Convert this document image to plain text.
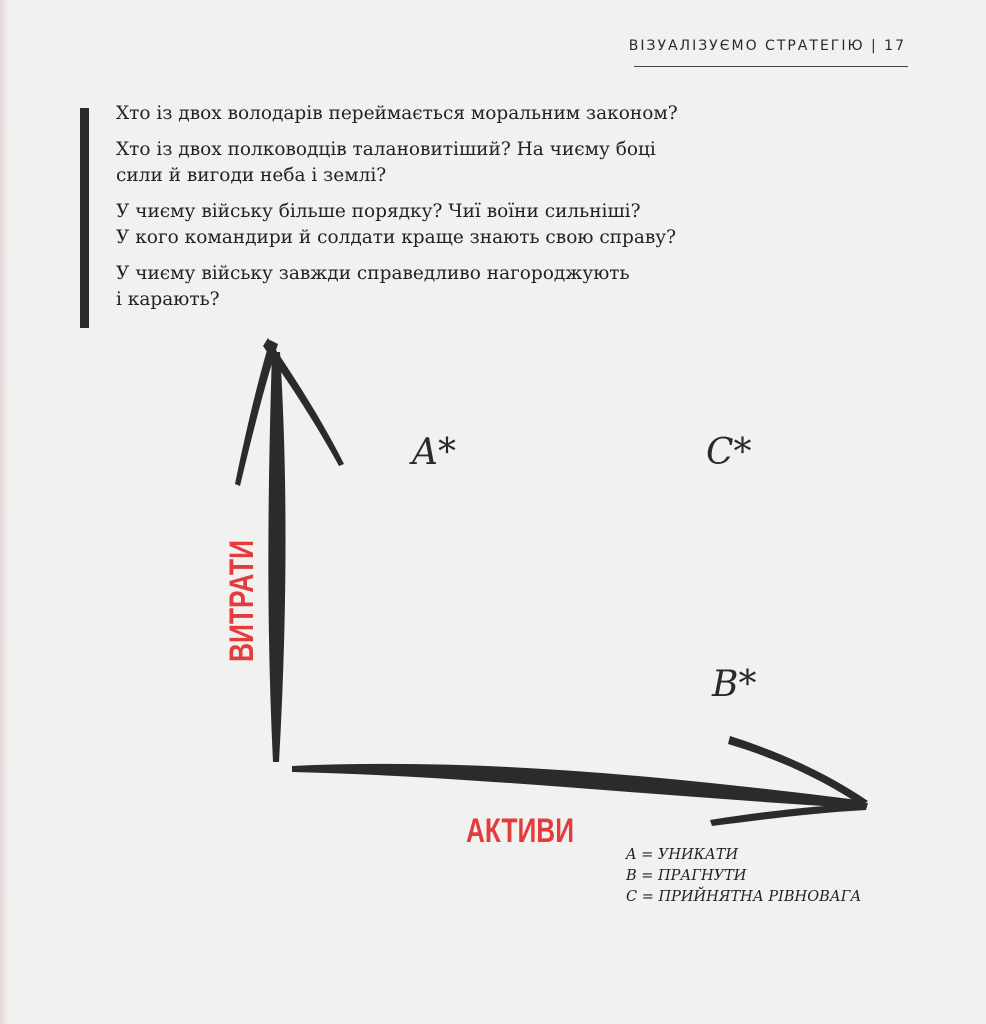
ВІЗУАЛІЗУЄМО СТРАТЕГІЮ | 17

Хто із двох володарів переймається моральним законом?

Хто із двох полководців талановитіший? На чиєму боці
сили й вигоди неба і землі?

У чиєму війську більше порядку? Чиї воїни сильніші?
У кого командири й солдати краще знають свою справу?

У чиєму війську завжди справедливо нагороджують
і карають?

A*	C*
B*
ВИТРАТИ
АКТИВИ
A = УНИКАТИ
B = ПРАГНУТИ
C = ПРИЙНЯТНА РІВНОВАГА
